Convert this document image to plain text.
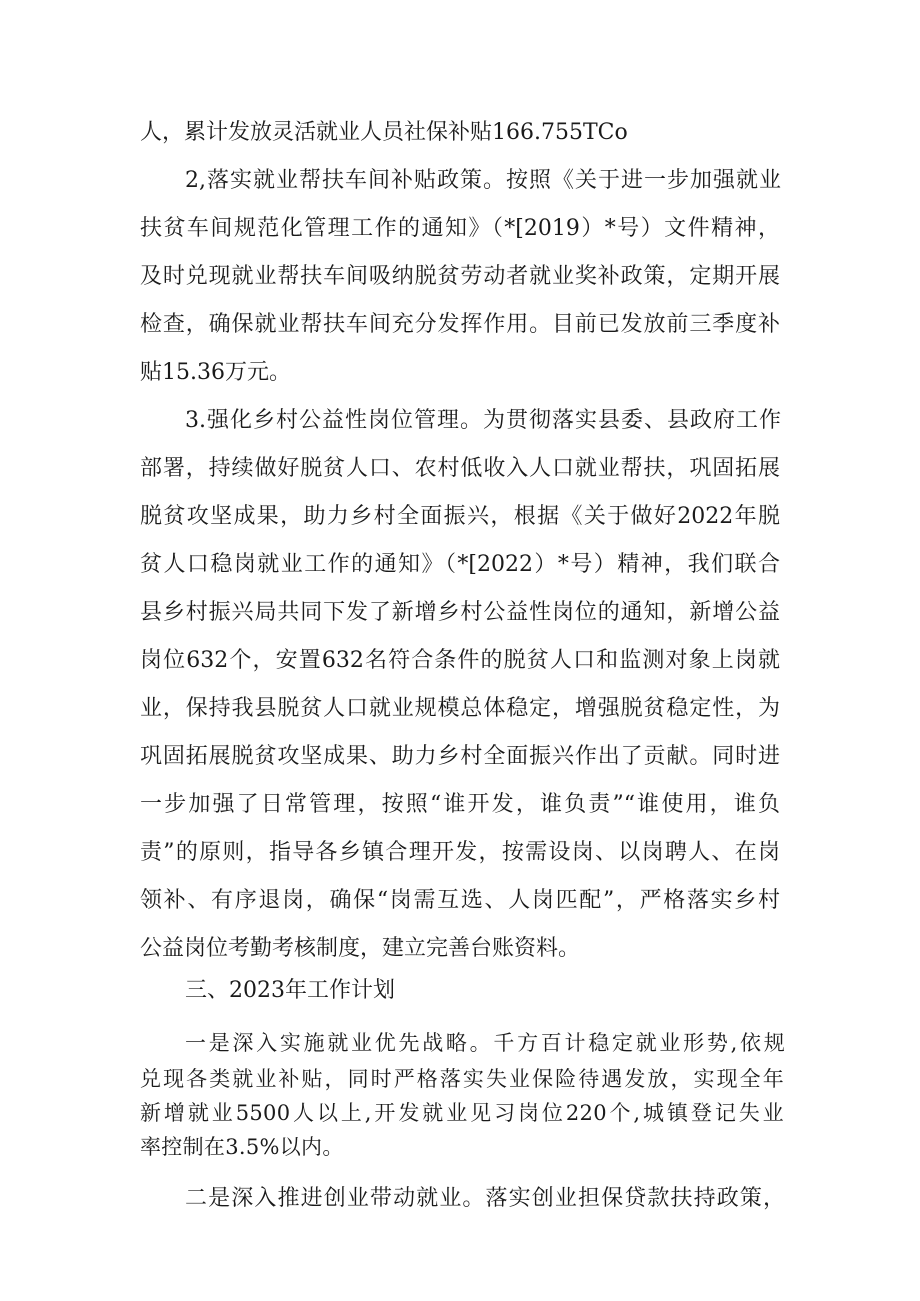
人，累计发放灵活就业人员社保补贴166.755TCo
2,落实就业帮扶车间补贴政策。按照《关于进一步加强就业
扶贫车间规范化管理工作的通知》（*[2019）*号）文件精神，
及时兑现就业帮扶车间吸纳脱贫劳动者就业奖补政策，定期开展
检查，确保就业帮扶车间充分发挥作用。目前已发放前三季度补
贴15.36万元。
3.强化乡村公益性岗位管理。为贯彻落实县委、县政府工作
部署，持续做好脱贫人口、农村低收入人口就业帮扶，巩固拓展
脱贫攻坚成果，助力乡村全面振兴，根据《关于做好2022年脱
贫人口稳岗就业工作的通知》（*[2022）*号）精神，我们联合
县乡村振兴局共同下发了新增乡村公益性岗位的通知，新增公益
岗位632个，安置632名符合条件的脱贫人口和监测对象上岗就
业，保持我县脱贫人口就业规模总体稳定，增强脱贫稳定性，为
巩固拓展脱贫攻坚成果、助力乡村全面振兴作出了贡献。同时进
一步加强了日常管理，按照“谁开发，谁负责”“谁使用，谁负
责”的原则，指导各乡镇合理开发，按需设岗、以岗聘人、在岗
领补、有序退岗，确保“岗需互选、人岗匹配”，严格落实乡村
公益岗位考勤考核制度，建立完善台账资料。
三、2023年工作计划
一是深入实施就业优先战略。千方百计稳定就业形势,依规
兑现各类就业补贴，同时严格落实失业保险待遇发放，实现全年
新增就业5500人以上,开发就业见习岗位220个,城镇登记失业
率控制在3.5%以内。
二是深入推进创业带动就业。落实创业担保贷款扶持政策，
